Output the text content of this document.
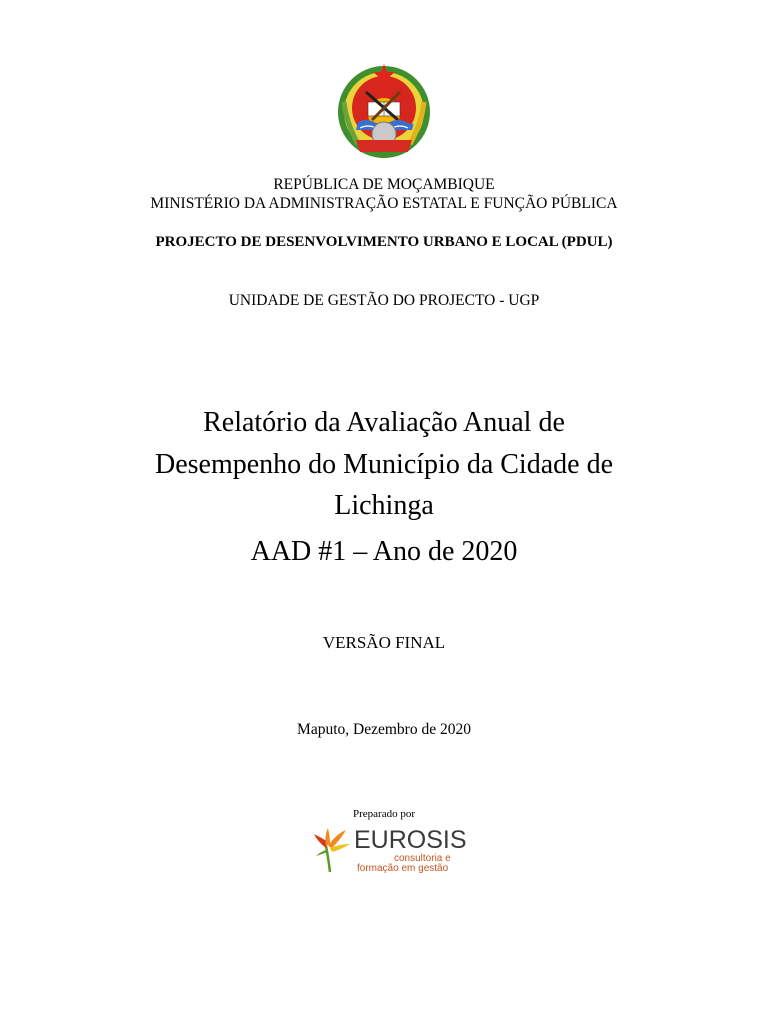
REPÚBLICA DE MOÇAMBIQUE
MINISTÉRIO DA ADMINISTRAÇÃO ESTATAL E FUNÇÃO PÚBLICA
PROJECTO DE DESENVOLVIMENTO URBANO E LOCAL (PDUL)
UNIDADE DE GESTÃO DO PROJECTO - UGP
Relatório da Avaliação Anual de
Desempenho do Município da Cidade de
Lichinga
AAD #1 – Ano de 2020
VERSÃO FINAL
Maputo, Dezembro de 2020
Preparado por
EUROSIS
consultoria e
formação em gestão
